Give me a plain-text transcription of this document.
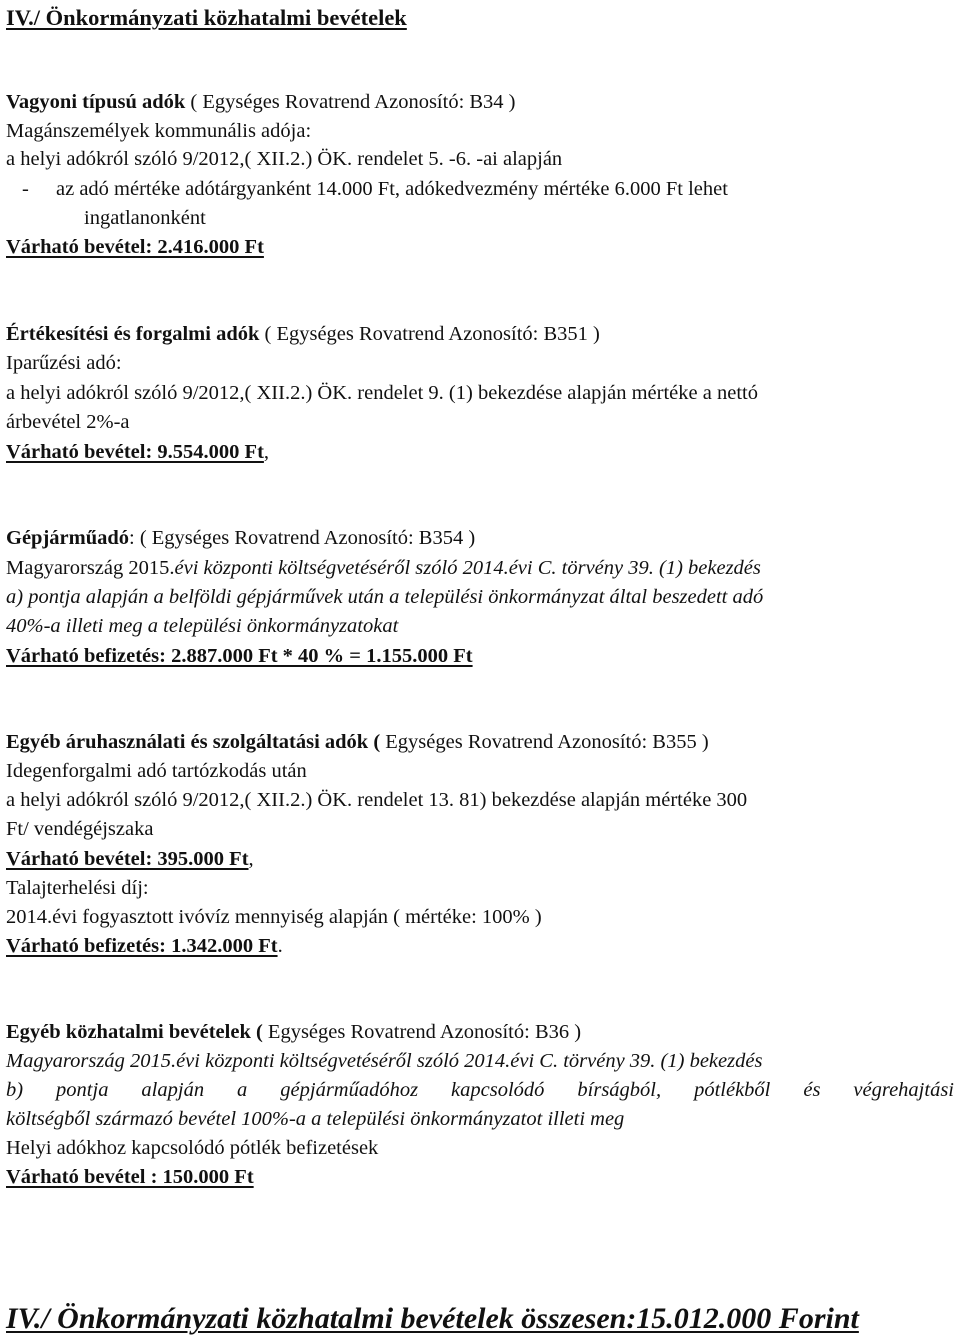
IV./ Önkormányzati közhatalmi bevételek
Vagyoni típusú adók ( Egységes Rovatrend Azonosító: B34 )
Magánszemélyek kommunális adója:
a helyi adókról szóló 9/2012,( XII.2.) ÖK. rendelet 5. -6. -ai alapján
-	az adó mértéke adótárgyanként 14.000 Ft, adókedvezmény mértéke 6.000 Ft lehet
ingatlanonként
Várható bevétel: 2.416.000 Ft
Értékesítési és forgalmi adók ( Egységes Rovatrend Azonosító: B351 )
Iparűzési adó:
a helyi adókról szóló 9/2012,( XII.2.) ÖK. rendelet 9. (1) bekezdése alapján mértéke a nettó
árbevétel 2%-a
Várható bevétel: 9.554.000 Ft,
Gépjárműadó: ( Egységes Rovatrend Azonosító: B354 )
Magyarország 2015.évi központi költségvetéséről szóló 2014.évi C. törvény 39. (1) bekezdés
a) pontja alapján a belföldi gépjárművek után a települési önkormányzat által beszedett adó
40%-a illeti meg a települési önkormányzatokat
Várható befizetés: 2.887.000 Ft * 40 % = 1.155.000 Ft
Egyéb áruhasználati és szolgáltatási adók ( Egységes Rovatrend Azonosító: B355 )
Idegenforgalmi adó tartózkodás után
a helyi adókról szóló 9/2012,( XII.2.) ÖK. rendelet 13. 81) bekezdése alapján mértéke 300
Ft/ vendégéjszaka
Várható bevétel: 395.000 Ft,
Talajterhelési díj:
2014.évi fogyasztott ivóvíz mennyiség alapján ( mértéke: 100% )
Várható befizetés: 1.342.000 Ft.
Egyéb közhatalmi bevételek ( Egységes Rovatrend Azonosító: B36 )
Magyarország 2015.évi központi költségvetéséről szóló 2014.évi C. törvény 39. (1) bekezdés
b) pontja alapján a gépjárműadóhoz kapcsolódó bírságból, pótlékből és végrehajtási
költségből származó bevétel 100%-a a települési önkormányzatot illeti meg
Helyi adókhoz kapcsolódó pótlék befizetések
Várható bevétel : 150.000 Ft
IV./ Önkormányzati közhatalmi bevételek összesen:15.012.000 Forint
